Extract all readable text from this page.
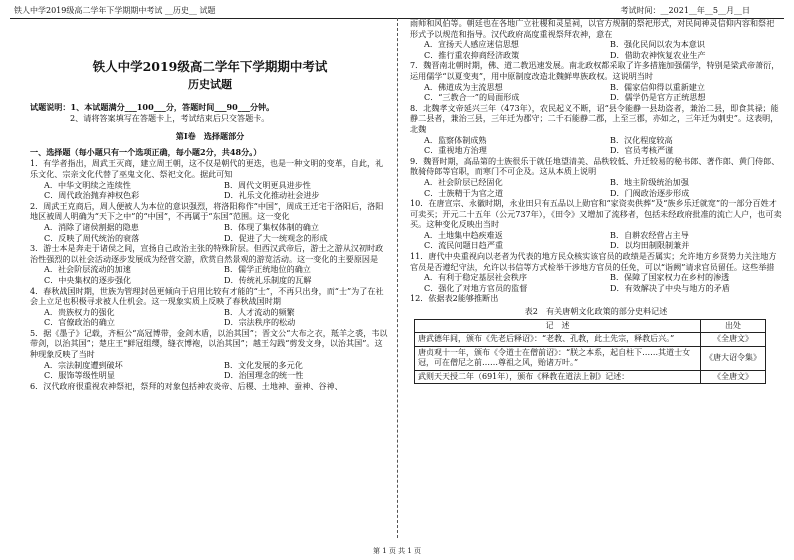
铁人中学2019级高二学年下学期期中考试 __历史__ 试题	考试时间：__2021__年__5__月__日

铁人中学2019级高二学年下学期期中考试

历史试题

试题说明：1、本试题满分___100___分，答题时间___90___分钟。

2、请将答案填写在答题卡上，考试结束后只交答题卡。

第Ⅰ卷　选择题部分

一、选择题（每小题只有一个选项正确，每小题2分，共48分。）

1．有学者指出，周武王灭商，建立周王朝，这不仅是朝代的更迭，也是一种文明的变革，自此，礼乐文化、宗亲文化代替了巫鬼文化、祭祀文化。据此可知

A．中华文明续之连续性	B．周代文明更具进步性
C．周代政治抛弃神权色彩	D．礼乐文化推动社会进步

2．周武王克商后，周人便被人为本位的意识强烈，将洛阳称作“中国”，周成王迁宅于洛阳后，洛阳地区被周人明确为“天下之中”的“中国”，不再属于“东国”范围。这一变化

A．消除了诸侯割据的隐患	B．体现了集权体制的确立
C．反映了周代统治的衰落	D．促进了大一统观念的形成

3．游士本是奔走于诸侯之间，宣扬自己政治主张的特殊阶层。但西汉武帝后，游士之游从汉初时政治性强烈的以社会活动逐步发展成为经营交游，欣赏自然景观的游览活动。这一变化的主要原因是

A．社会阶层流动的加速	B．儒学正统地位的确立
C．中央集权的逐步强化	D．传统礼乐制度的瓦解

4．春秋战国时期，世族为管理封邑更倾向于启用比较有才能的“士”，不再只出身，而“士”为了在社会上立足也积极寻求被人仕机会。这一现象实质上反映了春秋战国时期

A．贵族权力的强化	B．人才流动的频繁
C．官僚政治的确立	D．宗法秩序的松动

5．据《墨子》记载，齐桓公“高冠博带，金剑木盾，以治其国”；晋文公“大布之衣，羝羊之裘，韦以带剑，以治其国”；楚庄王“鲜冠组缨，缝衣博袍，以治其国”；越王勾践“剪发文身，以治其国”。这种现象反映了当时

A．宗法制度遭到破坏	B．文化发展的多元化
C．服饰等级性明显	D．治国理念的统一性

6．汉代政府很重视农神祭祀，祭拜的对象包括神农炎帝、后稷、土地神、蚕神、谷神、

雨师和风伯等。朝廷也在各地广立社稷和灵星祠，以官方规制的祭祀形式，对民间神灵信仰内容和祭祀形式予以规范和指导。汉代政府高度重视祭拜农神，意在

A．宣扬天人感应迷信思想	B．强化民间以农为本意识
C．推行重农抑商经济政策	D．借助农神恢复农业生产

7．魏晋南北朝时期，佛、道二教迅速发展。南北政权都采取了许多措施加强儒学，特别是梁武帝萧衍，运用儒学“以夏变夷”，用中原制度改造北魏鲜卑族政权。这说明当时

A．佛道成为主流思想	B．儒家信仰得以重新建立
C．“三教合一”的局面形成	D．儒学仍是官方正统思想

8．北魏孝文帝延兴三年（473年），农民起义不断，诏“县令能静一县劫盗者，兼治二县，即食其禄；能静二县者，兼治三县，三年迁为郡守；二千石能静二郡，上至三郡，亦如之，三年迁为刺史”。这表明，北魏

A．监察体制成熟	B．汉化程度较高
C．重视地方治理	D．官员考核严谨

9．魏晋时期，高品第的士族很乐于就任地望清美、品秩较低、升迁较易的秘书郎、著作郎、黄门侍郎、散骑侍郎等官职，而寒门不可企及。这从本质上说明

A．社会阶层已经固化	B．地主阶级统治加强
C．士族精于为官之道	D．门阀政治逐步形成

10．在唐宣宗、永徽时期，永业田只有五品以上勋官和“家资卖供葬”及“族乡乐迁就宽”的一部分百姓才可卖买；开元二十五年（公元737年），《田令》又增加了流移者，包括未经政府批准的流亡人户，也可卖买。这种变化反映出当时

A．土地集中趋疾难返	B．自耕农经营占主导
C．流民问题日趋严重	D．以均田制限制兼并

11．唐代中央重视向以老者为代表的地方民众核实该官员的政绩是否属实；允许地方乡贤势力关注地方官员是否遵纪守法，允许以书信等方式检举干涉地方官员的任免，可以“诣阙”请求官员留任。这些举措

A．有利于稳定基层社会秩序	B．保障了国家权力在乡村的渗透
C．强化了对地方官员的监督	D．有效解决了中央与地方的矛盾

12．依据表2能够推断出

表2　有关唐朝文化政策的部分史料记述

记　述	出处
唐武德年间，颁布《先老后释诏》：“老教、孔教，此土先宗，释教后兴。”	《全唐文》
唐贞观十一年，颁布《令道士在僧前诏》：“朕之本系，起自柱下……其道士女冠，可在僧尼之前……尊祖之风，贻诸万叶。”	《唐大诏令集》
武则天天授二年（691年），颁布《释教在道法上制》记述：	《全唐文》
第 1 页 共 1 页
